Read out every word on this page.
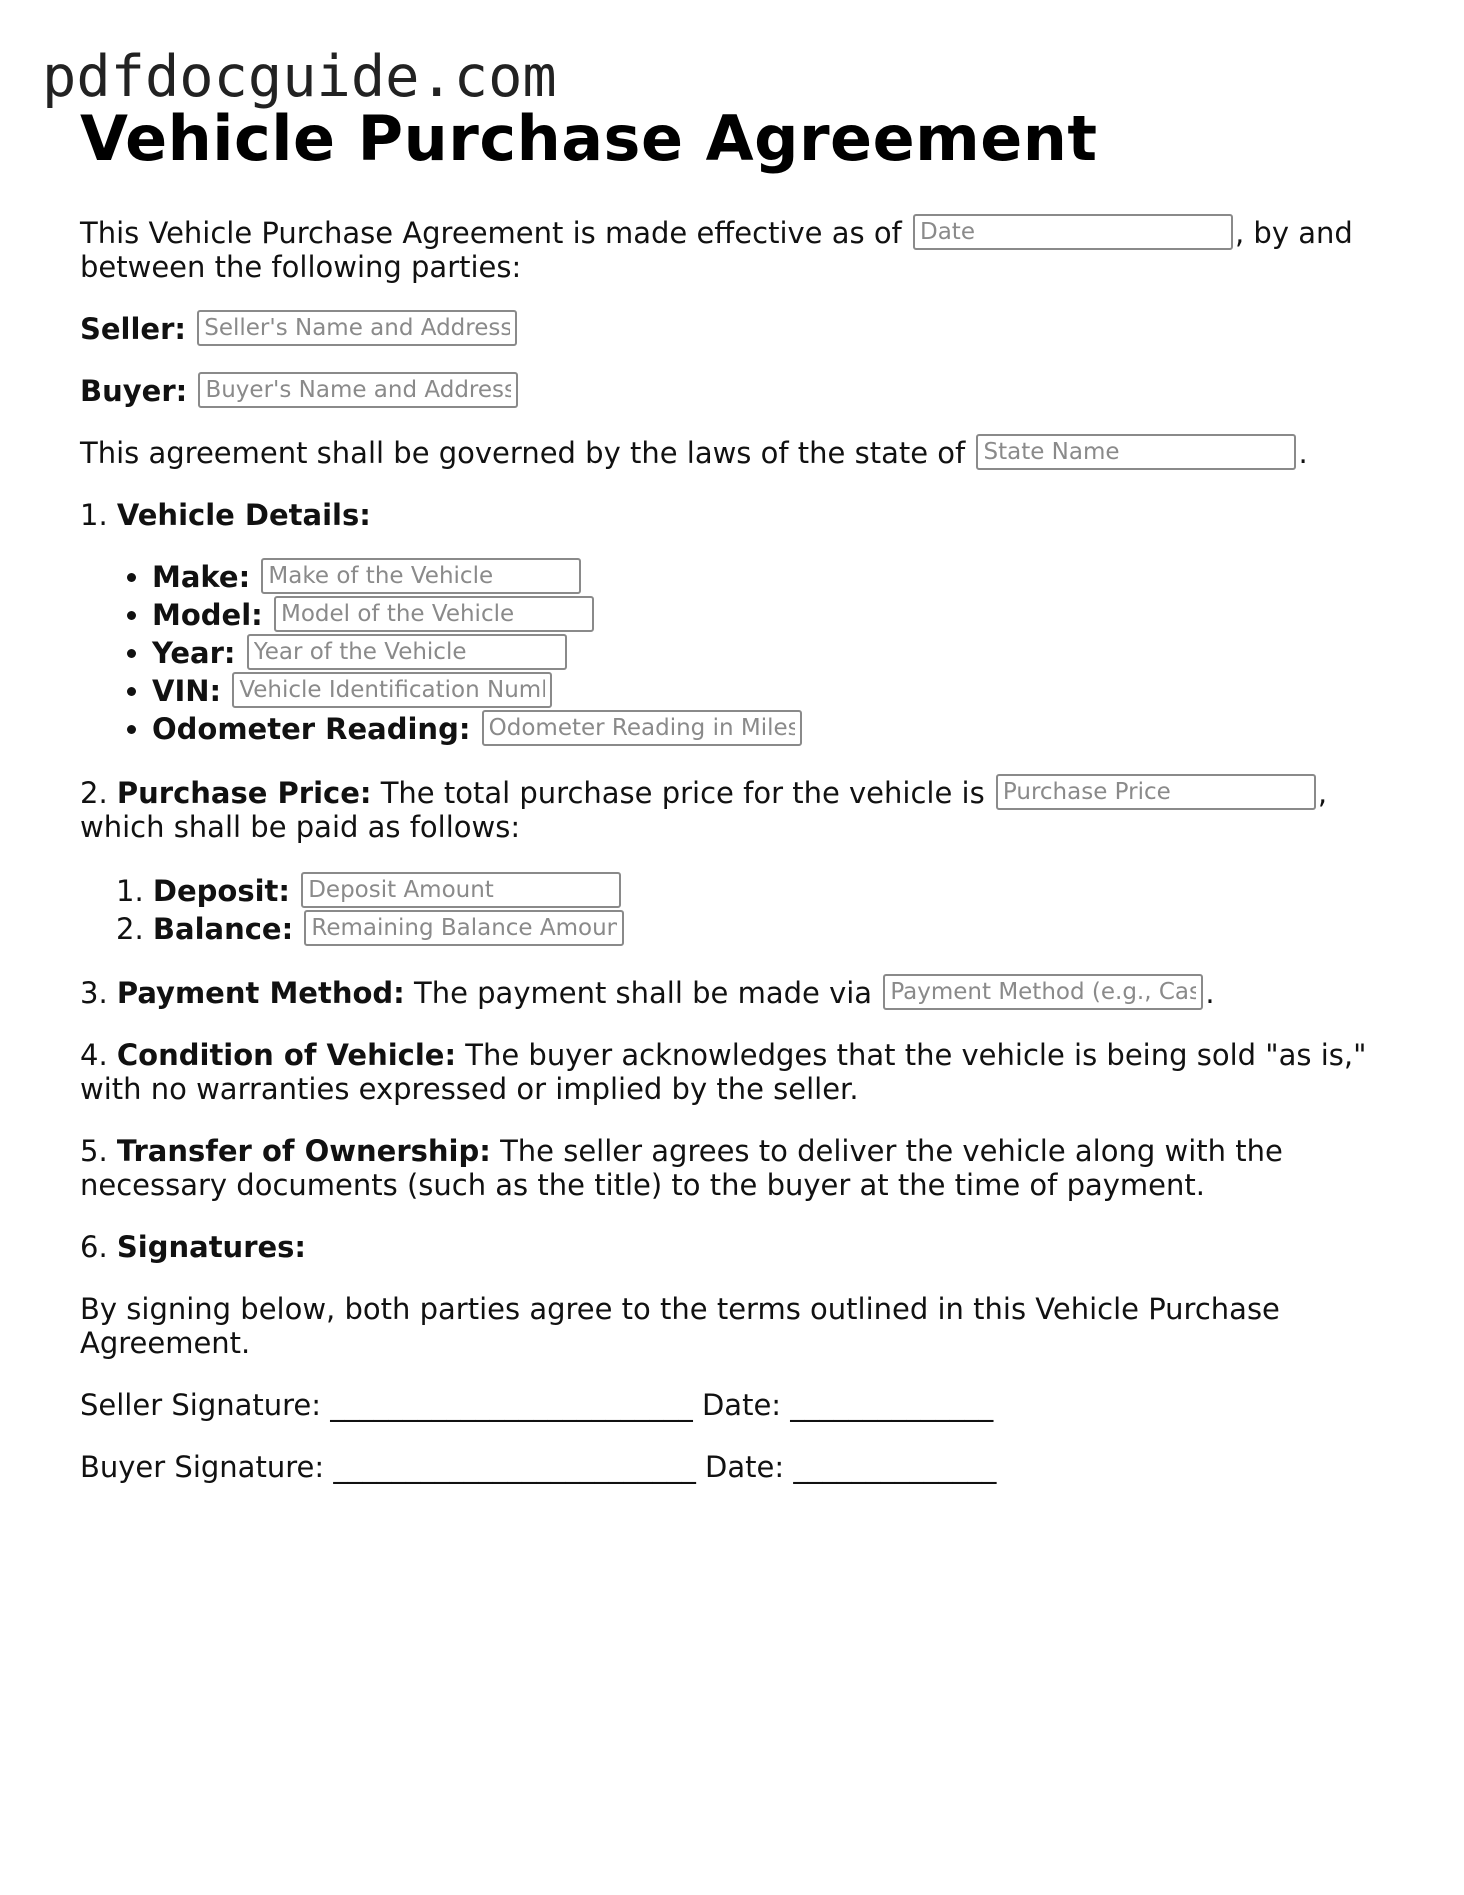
pdfdocguide.com
Vehicle Purchase Agreement

This Vehicle Purchase Agreement is made effective as of Date	, by and between the following parties:

Seller: Seller's Name and Address

Buyer: Buyer's Name and Address

This agreement shall be governed by the laws of the state of State Name	.

1. Vehicle Details:

• Make: Make of the Vehicle
• Model: Model of the Vehicle
• Year: Year of the Vehicle
• VIN: Vehicle Identification Number
• Odometer Reading: Odometer Reading in Miles

2. Purchase Price: The total purchase price for the vehicle is Purchase Price	, which shall be paid as follows:

1. Deposit: Deposit Amount
2. Balance: Remaining Balance Amount

3. Payment Method: The payment shall be made via Payment Method (e.g., Cash, Check)	.

4. Condition of Vehicle: The buyer acknowledges that the vehicle is being sold "as is," with no warranties expressed or implied by the seller.

5. Transfer of Ownership: The seller agrees to deliver the vehicle along with the necessary documents (such as the title) to the buyer at the time of payment.

6. Signatures:

By signing below, both parties agree to the terms outlined in this Vehicle Purchase Agreement.

Seller Signature: _________________________ Date: ______________
Buyer Signature: _________________________ Date: ______________
